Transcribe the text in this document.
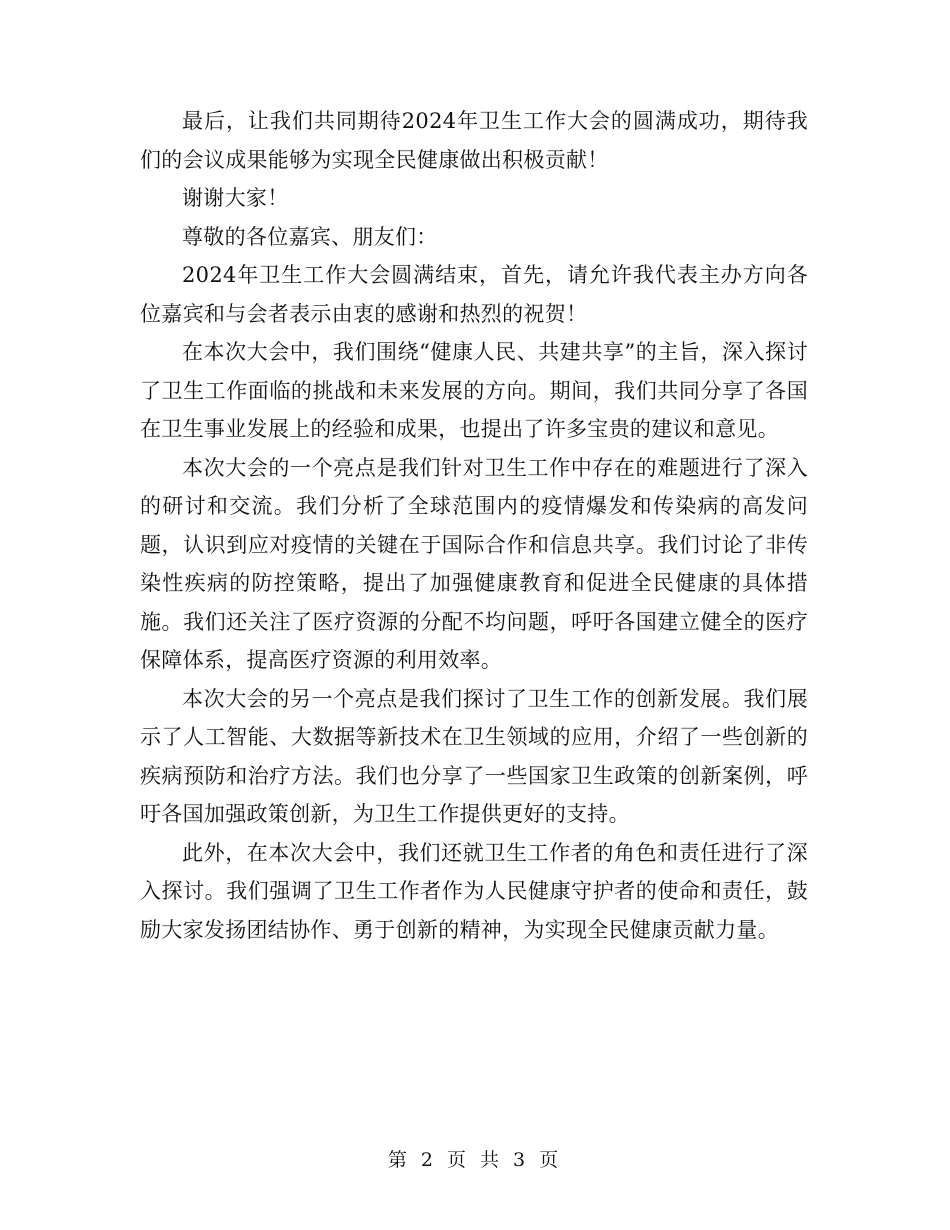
最后，让我们共同期待2024年卫生工作大会的圆满成功，期待我们的会议成果能够为实现全民健康做出积极贡献！

谢谢大家！

尊敬的各位嘉宾、朋友们：

2024年卫生工作大会圆满结束，首先，请允许我代表主办方向各位嘉宾和与会者表示由衷的感谢和热烈的祝贺！

在本次大会中，我们围绕“健康人民、共建共享”的主旨，深入探讨了卫生工作面临的挑战和未来发展的方向。期间，我们共同分享了各国在卫生事业发展上的经验和成果，也提出了许多宝贵的建议和意见。

本次大会的一个亮点是我们针对卫生工作中存在的难题进行了深入的研讨和交流。我们分析了全球范围内的疫情爆发和传染病的高发问题，认识到应对疫情的关键在于国际合作和信息共享。我们讨论了非传染性疾病的防控策略，提出了加强健康教育和促进全民健康的具体措施。我们还关注了医疗资源的分配不均问题，呼吁各国建立健全的医疗保障体系，提高医疗资源的利用效率。

本次大会的另一个亮点是我们探讨了卫生工作的创新发展。我们展示了人工智能、大数据等新技术在卫生领域的应用，介绍了一些创新的疾病预防和治疗方法。我们也分享了一些国家卫生政策的创新案例，呼吁各国加强政策创新，为卫生工作提供更好的支持。

此外，在本次大会中，我们还就卫生工作者的角色和责任进行了深入探讨。我们强调了卫生工作者作为人民健康守护者的使命和责任，鼓励大家发扬团结协作、勇于创新的精神，为实现全民健康贡献力量。

第 2 页 共 3 页
